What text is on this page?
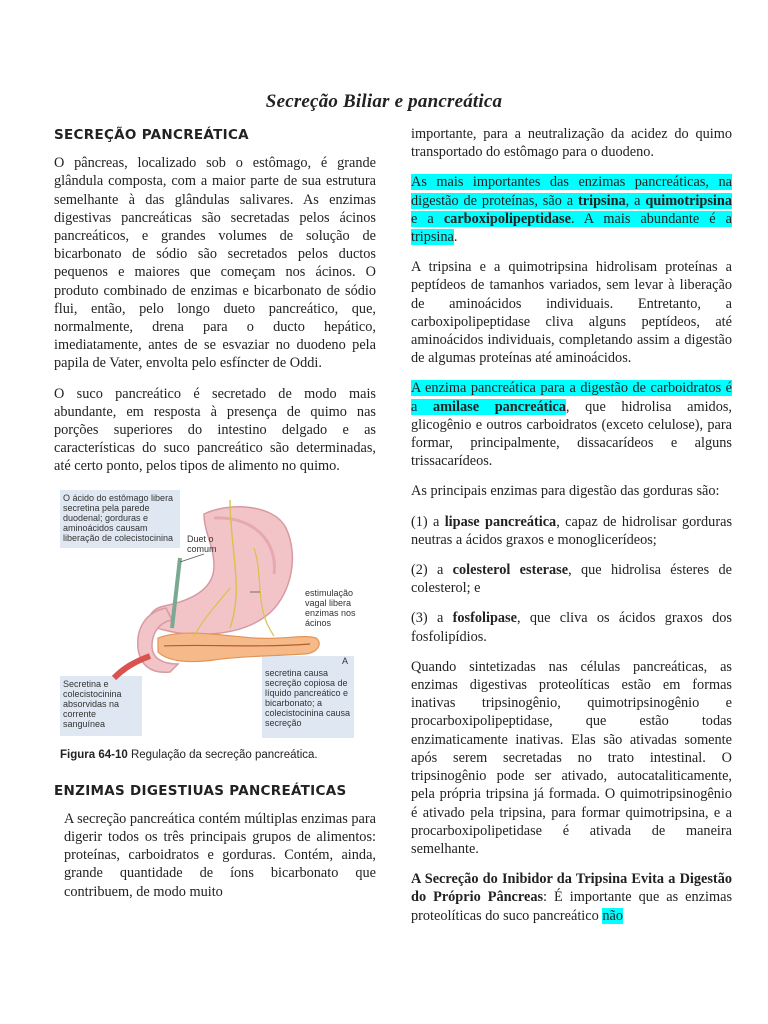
Secreção Biliar e pancreática
SECREÇÃO PANCREÁTICA

O pâncreas, localizado sob o estômago, é grande glândula composta, com a maior parte de sua estrutura semelhante à das glândulas salivares. As enzimas digestivas pancreáticas são secretadas pelos ácinos pancreáticos, e grandes volumes de solução de bicarbonato de sódio são secretados pelos ductos pequenos e maiores que começam nos ácinos. O produto combinado de enzimas e bicarbonato de sódio flui, então, pelo longo dueto pancreático, que, normalmente, drena para o ducto hepático, imediatamente, antes de se esvaziar no duodeno pela papila de Vater, envolta pelo esfíncter de Oddi.

O suco pancreático é secretado de modo mais abundante, em resposta à presença de quimo nas porções superiores do intestino delgado e as características do suco pancreático são determinadas, até certo ponto, pelos tipos de alimento no quimo.

O ácido do estômago libera secretina pela parede duodenal; gorduras e aminoácidos causam liberação de colecistocinina	Duet o comum
estimulação vagal libera enzimas nos ácinos
Secretina e colecistocinina absorvidas na corrente sanguínea
A
secretina causa secreção copiosa de líquido pancreático e bicarbonato; a colecistocinina causa secreção
Figura 64-10 Regulação da secreção pancreática.
ENZIMAS DIGESTIUAS PANCREÁTICAS

A secreção pancreática contém múltiplas enzimas para digerir todos os três principais grupos de alimentos: proteínas, carboidratos e gorduras. Contém, ainda, grande quantidade de íons bicarbonato que contribuem, de modo muito

importante, para a neutralização da acidez do quimo transportado do estômago para o duodeno.

As mais importantes das enzimas pancreáticas, na digestão de proteínas, são a tripsina, a quimotripsina e a carboxipolipeptidase. A mais abundante é a tripsina.

A tripsina e a quimotripsina hidrolisam proteínas a peptídeos de tamanhos variados, sem levar à liberação de aminoácidos individuais. Entretanto, a carboxipolipeptidase cliva alguns peptídeos, até aminoácidos individuais, completando assim a digestão de algumas proteínas até aminoácidos.

A enzima pancreática para a digestão de carboidratos é a amilase pancreática, que hidrolisa amidos, glicogênio e outros carboidratos (exceto celulose), para formar, principalmente, dissacarídeos e alguns trissacarídeos.

As principais enzimas para digestão das gorduras são:

(1) a lipase pancreática, capaz de hidrolisar gorduras neutras a ácidos graxos e monoglicerídeos;

(2) a colesterol esterase, que hidrolisa ésteres de colesterol; e

(3) a fosfolipase, que cliva os ácidos graxos dos fosfolipídios.

Quando sintetizadas nas células pancreáticas, as enzimas digestivas proteolíticas estão em formas inativas tripsinogênio, quimotripsinogênio e procarboxipolipeptidase, que estão todas enzimaticamente inativas. Elas são ativadas somente após serem secretadas no trato intestinal. O tripsinogênio pode ser ativado, autocataliticamente, pela própria tripsina já formada. O quimotripsinogênio é ativado pela tripsina, para formar quimotripsina, e a procarboxipolipetidase é ativada de maneira semelhante.

A Secreção do Inibidor da Tripsina Evita a Digestão do Próprio Pâncreas: É importante que as enzimas proteolíticas do suco pancreático não
